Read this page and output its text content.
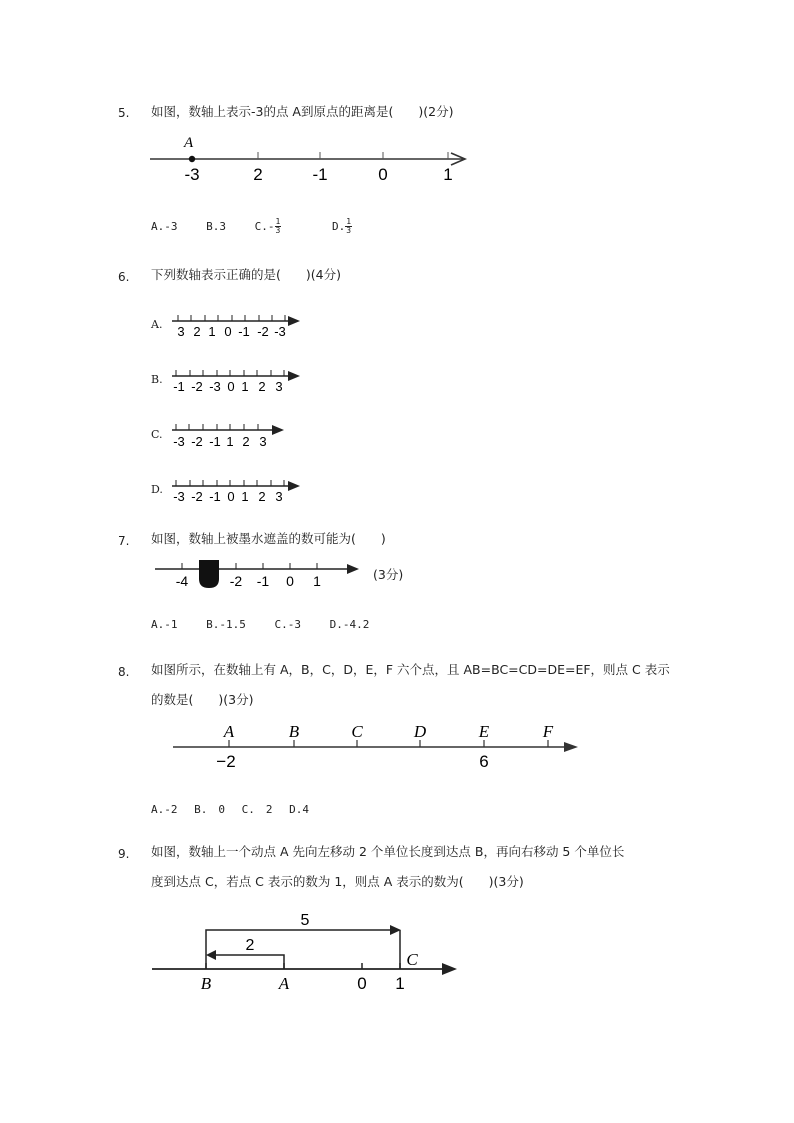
5. 如图，数轴上表示-3的点 A到原点的距离是(　　)(2分)
A
-3	2	-1	0	1
A.-3	B.3	$C.- \frac{1}{3}$	D. $\frac{1}{3}$
6. 下列数轴表示正确的是(　　)(4分)
A. 3 2 1 0 -1 -2 -3
B. -1 -2 -3 0 1 2 3
C. -3 -2 -1 1 2 3
D. -3 -2 -1 0 1 2 3
7. 如图，数轴上被墨水遮盖的数可能为(　　)
-4	-2 -1 0 1	(3分)
A.-1	B.-1.5	C.-3	D.-4.2
8. 如图所示，在数轴上有 A，B，C，D，E，F 六个点，且 AB=BC=CD=DE=EF，则点 C 表示
的数是(　　)(3分)
A	B	C	D	E	F
−2	6
A.-2 B.　0 C.　2 D.4
9. 如图，数轴上一个动点 A 先向左移动 2 个单位长度到达点 B，再向右移动 5 个单位长
度到达点 C，若点 C 表示的数为 1，则点 A 表示的数为(　　)(3分)
5
2
B	A	0 1
C
